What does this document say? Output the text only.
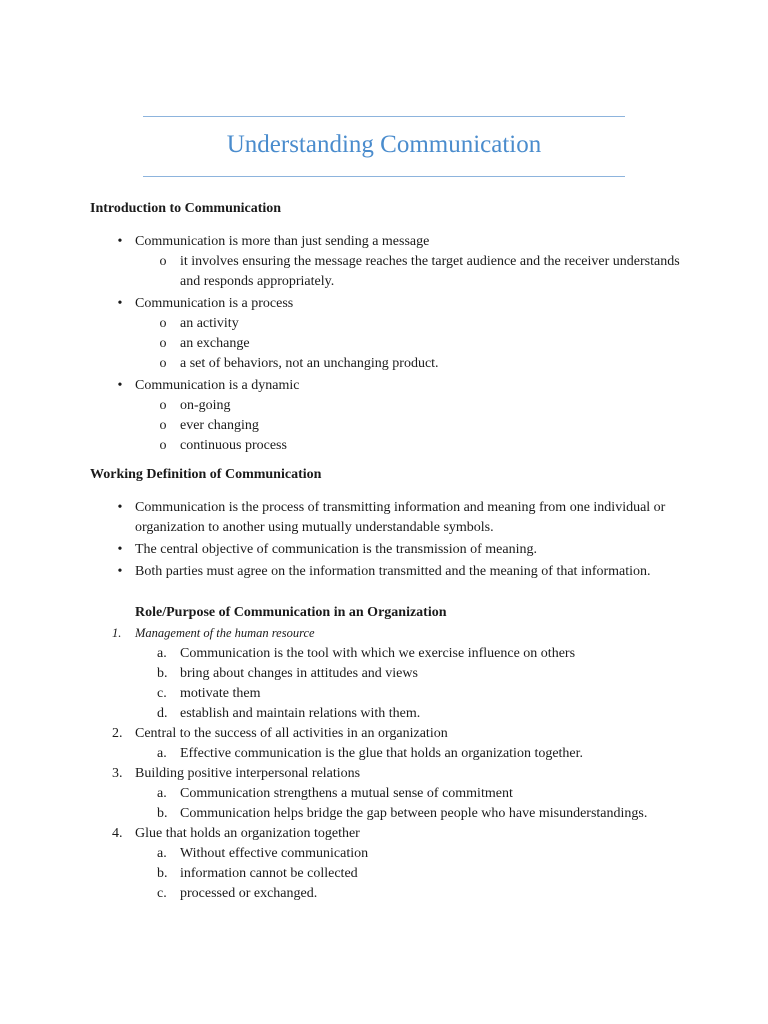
Understanding Communication
Introduction to Communication
• Communication is more than just sending a message
o it involves ensuring the message reaches the target audience and the receiver understands and responds appropriately.
• Communication is a process
o an activity
o an exchange
o a set of behaviors, not an unchanging product.
• Communication is a dynamic
o on-going
o ever changing
o continuous process
Working Definition of Communication
• Communication is the process of transmitting information and meaning from one individual or organization to another using mutually understandable symbols.
• The central objective of communication is the transmission of meaning.
• Both parties must agree on the information transmitted and the meaning of that information.
Role/Purpose of Communication in an Organization
1.	Management of the human resource
a. Communication is the tool with which we exercise influence on others
b. bring about changes in attitudes and views
c. motivate them
d. establish and maintain relations with them.
2. Central to the success of all activities in an organization
a. Effective communication is the glue that holds an organization together.
3. Building positive interpersonal relations
a. Communication strengthens a mutual sense of commitment
b. Communication helps bridge the gap between people who have misunderstandings.
4. Glue that holds an organization together
a. Without effective communication
b. information cannot be collected
c. processed or exchanged.
